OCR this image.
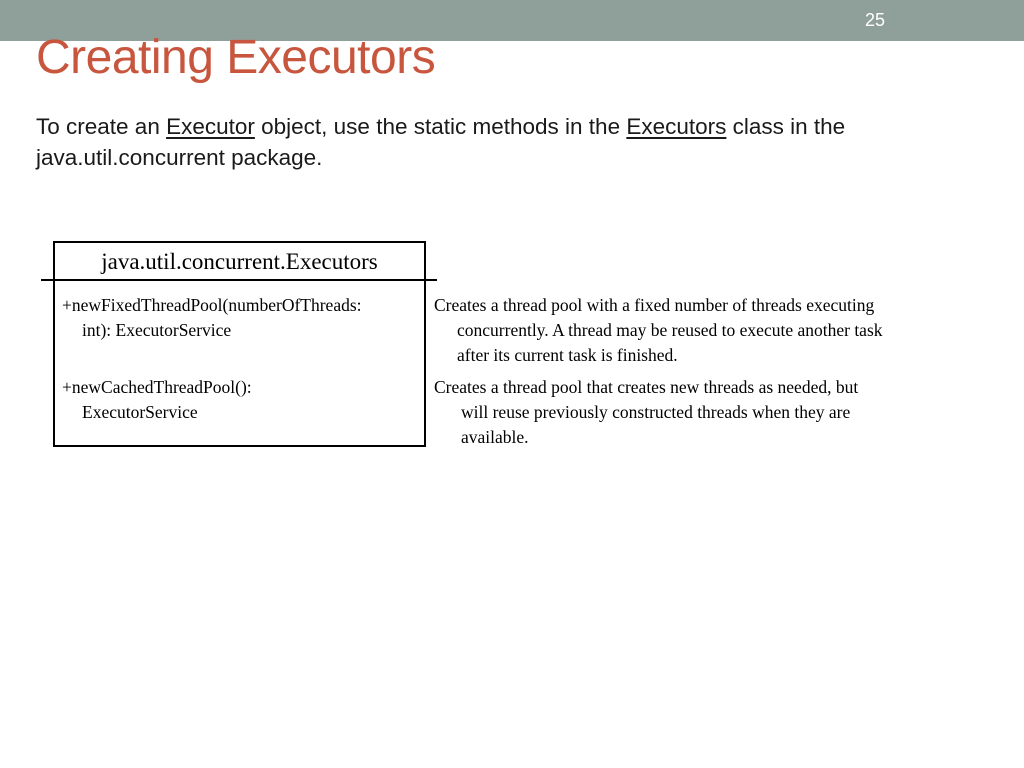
25
Creating Executors

To create an Executor object, use the static methods in the Executors class in the
java.util.concurrent package.

java.util.concurrent.Executors
+newFixedThreadPool(numberOfThreads:
int): ExecutorService
+newCachedThreadPool():
ExecutorService
Creates a thread pool with a fixed number of threads executing
concurrently. A thread may be reused to execute another task
after its current task is finished.
Creates a thread pool that creates new threads as needed, but
will reuse previously constructed threads when they are
available.
